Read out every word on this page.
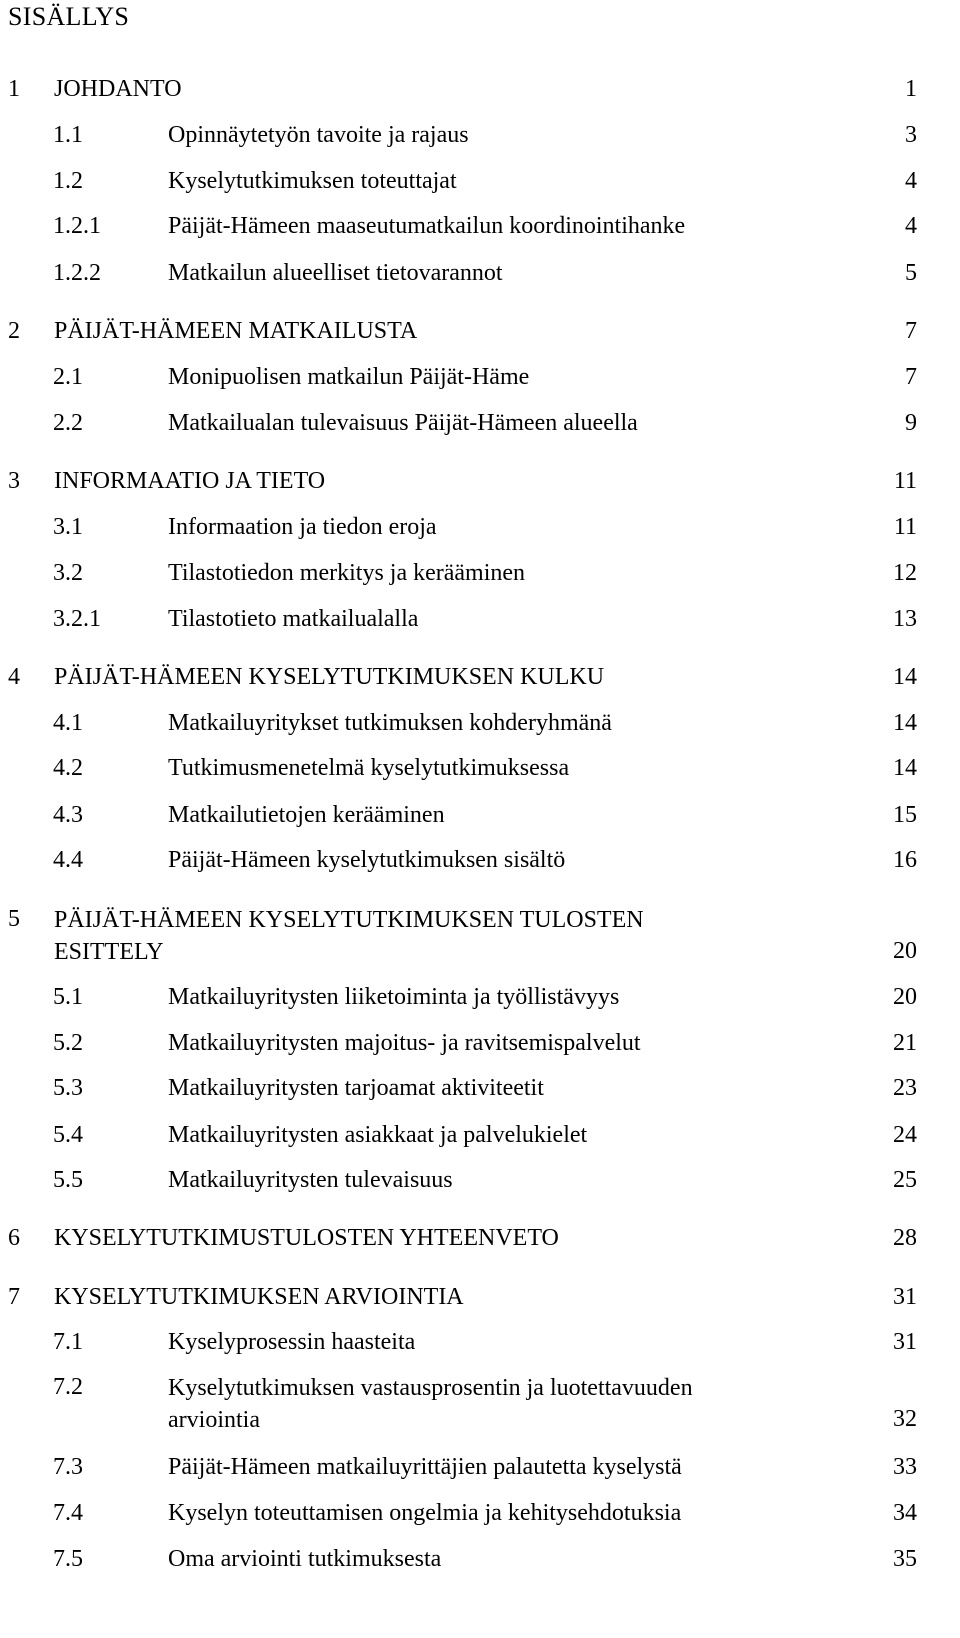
SISÄLLYS
1 JOHDANTO	1
1.1	Opinnäytetyön tavoite ja rajaus	3
1.2	Kyselytutkimuksen toteuttajat	4
1.2.1	Päijät-Hämeen maaseutumatkailun koordinointihanke	4
1.2.2	Matkailun alueelliset tietovarannot	5
2 PÄIJÄT-HÄMEEN MATKAILUSTA	7
2.1	Monipuolisen matkailun Päijät-Häme	7
2.2	Matkailualan tulevaisuus Päijät-Hämeen alueella	9
3 INFORMAATIO JA TIETO	11
3.1	Informaation ja tiedon eroja	11
3.2	Tilastotiedon merkitys ja kerääminen	12
3.2.1	Tilastotieto matkailualalla	13
4 PÄIJÄT-HÄMEEN KYSELYTUTKIMUKSEN KULKU	14
4.1	Matkailuyritykset tutkimuksen kohderyhmänä	14
4.2	Tutkimusmenetelmä kyselytutkimuksessa	14
4.3	Matkailutietojen kerääminen	15
4.4	Päijät-Hämeen kyselytutkimuksen sisältö	16
5 PÄIJÄT-HÄMEEN KYSELYTUTKIMUKSEN TULOSTEN
ESITTELY	20
5.1	Matkailuyritysten liiketoiminta ja työllistävyys	20
5.2	Matkailuyritysten majoitus- ja ravitsemispalvelut	21
5.3	Matkailuyritysten tarjoamat aktiviteetit	23
5.4	Matkailuyritysten asiakkaat ja palvelukielet	24
5.5	Matkailuyritysten tulevaisuus	25
6 KYSELYTUTKIMUSTULOSTEN YHTEENVETO	28
7 KYSELYTUTKIMUKSEN ARVIOINTIA	31
7.1	Kyselyprosessin haasteita	31
7.2	Kyselytutkimuksen vastausprosentin ja luotettavuuden
arviointia	32
7.3	Päijät-Hämeen matkailuyrittäjien palautetta kyselystä	33
7.4	Kyselyn toteuttamisen ongelmia ja kehitysehdotuksia	34
7.5	Oma arviointi tutkimuksesta	35
